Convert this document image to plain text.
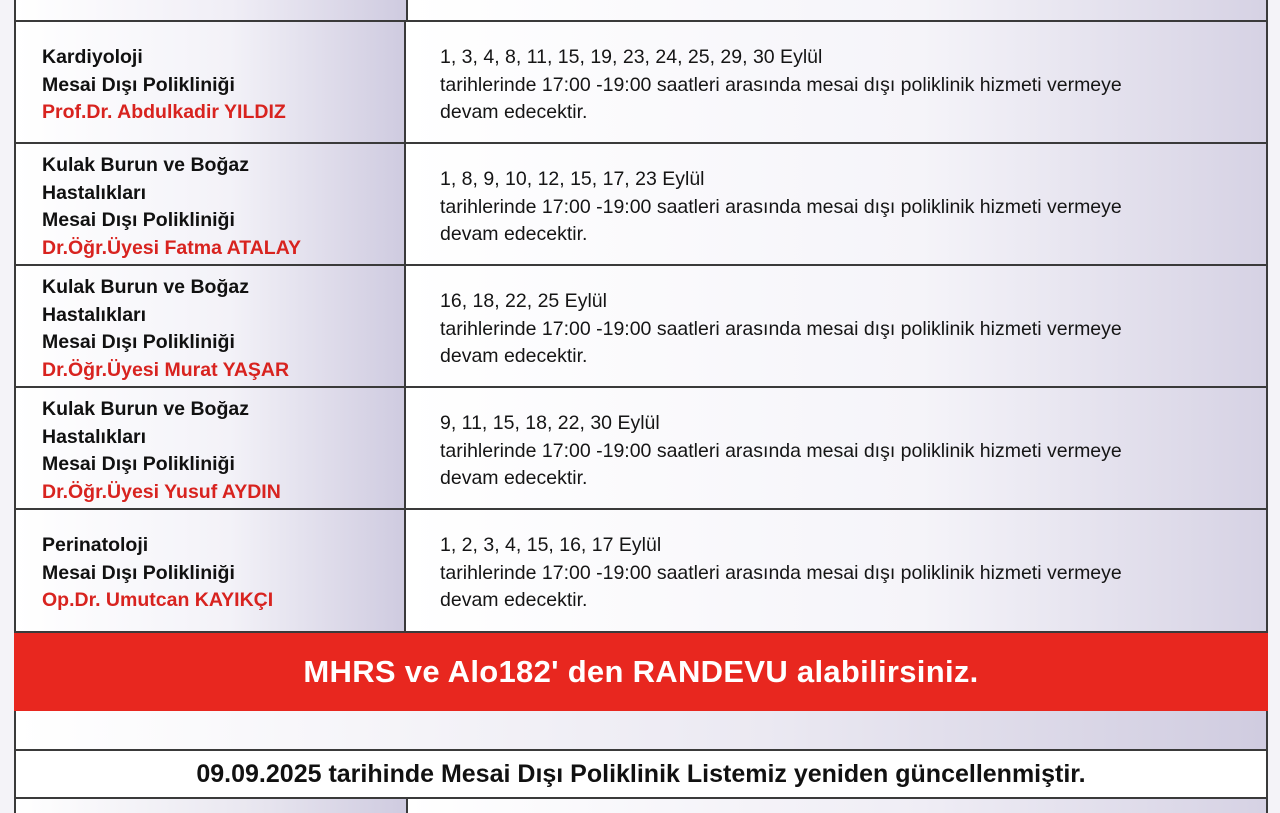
Kardiyoloji
Mesai Dışı Polikliniği
Prof.Dr. Abdulkadir YILDIZ
1, 3, 4, 8, 11, 15, 19, 23, 24, 25, 29, 30 Eylül
tarihlerinde 17:00 -19:00 saatleri arasında mesai dışı poliklinik hizmeti vermeye
devam edecektir.
Kulak Burun ve Boğaz
Hastalıkları
Mesai Dışı Polikliniği
Dr.Öğr.Üyesi Fatma ATALAY
1, 8, 9, 10, 12, 15, 17, 23 Eylül
tarihlerinde 17:00 -19:00 saatleri arasında mesai dışı poliklinik hizmeti vermeye
devam edecektir.
Kulak Burun ve Boğaz
Hastalıkları
Mesai Dışı Polikliniği
Dr.Öğr.Üyesi Murat YAŞAR
16, 18, 22, 25 Eylül
tarihlerinde 17:00 -19:00 saatleri arasında mesai dışı poliklinik hizmeti vermeye
devam edecektir.
Kulak Burun ve Boğaz
Hastalıkları
Mesai Dışı Polikliniği
Dr.Öğr.Üyesi Yusuf AYDIN
9, 11, 15, 18, 22, 30 Eylül
tarihlerinde 17:00 -19:00 saatleri arasında mesai dışı poliklinik hizmeti vermeye
devam edecektir.
Perinatoloji
Mesai Dışı Polikliniği
Op.Dr. Umutcan KAYIKÇI
1, 2, 3, 4, 15, 16, 17 Eylül
tarihlerinde 17:00 -19:00 saatleri arasında mesai dışı poliklinik hizmeti vermeye
devam edecektir.
MHRS ve Alo182' den RANDEVU alabilirsiniz.
09.09.2025 tarihinde Mesai Dışı Poliklinik Listemiz yeniden güncellenmiştir.
